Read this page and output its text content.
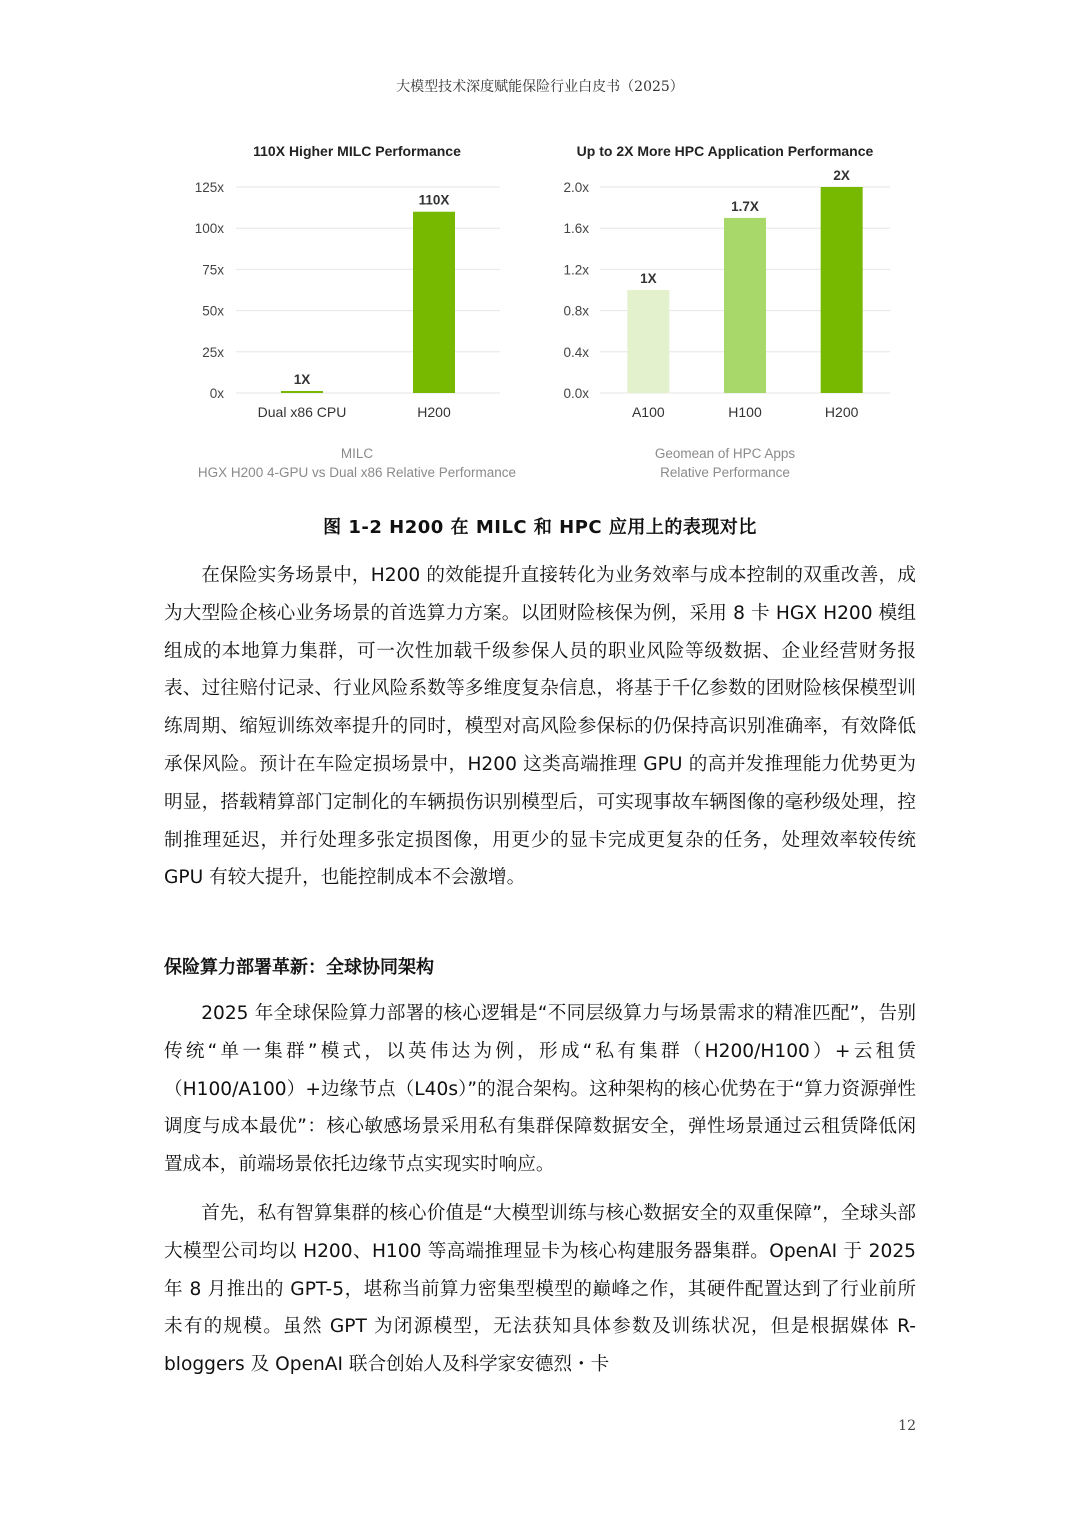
大模型技术深度赋能保险行业白皮书（2025）
110X Higher MILC Performance
0x
25x
50x
75x
100x
125x
1X
Dual x86 CPU
110X
H200
MILC
HGX H200 4-GPU vs Dual x86 Relative Performance
Up to 2X More HPC Application Performance
0.0x
0.4x
0.8x
1.2x
1.6x
2.0x
1X
A100
1.7X
H100
2X
H200
Geomean of HPC Apps
Relative Performance
图 1-2 H200 在 MILC 和 HPC 应用上的表现对比

在保险实务场景中，H200 的效能提升直接转化为业务效率与成本控制的双重改善，成为大型险企核心业务场景的首选算力方案。以团财险核保为例，采用 8 卡 HGX H200 模组组成的本地算力集群，可一次性加载千级参保人员的职业风险等级数据、企业经营财务报表、过往赔付记录、行业风险系数等多维度复杂信息，将基于千亿参数的团财险核保模型训练周期、缩短训练效率提升的同时，模型对高风险参保标的仍保持高识别准确率，有效降低承保风险。预计在车险定损场景中，H200 这类高端推理 GPU 的高并发推理能力优势更为明显，搭载精算部门定制化的车辆损伤识别模型后，可实现事故车辆图像的毫秒级处理，控制推理延迟，并行处理多张定损图像，用更少的显卡完成更复杂的任务，处理效率较传统 GPU 有较大提升，也能控制成本不会激增。

保险算力部署革新：全球协同架构

2025 年全球保险算力部署的核心逻辑是“不同层级算力与场景需求的精准匹配”，告别传统“单一集群”模式，以英伟达为例，形成“私有集群（H200/H100）+云租赁（H100/A100）+边缘节点（L40s）”的混合架构。这种架构的核心优势在于“算力资源弹性调度与成本最优”：核心敏感场景采用私有集群保障数据安全，弹性场景通过云租赁降低闲置成本，前端场景依托边缘节点实现实时响应。

首先，私有智算集群的核心价值是“大模型训练与核心数据安全的双重保障”，全球头部大模型公司均以 H200、H100 等高端推理显卡为核心构建服务器集群。OpenAI 于 2025 年 8 月推出的 GPT-5，堪称当前算力密集型模型的巅峰之作，其硬件配置达到了行业前所未有的规模。虽然 GPT 为闭源模型，无法获知具体参数及训练状况，但是根据媒体 R-bloggers 及 OpenAI 联合创始人及科学家安德烈・卡

12
